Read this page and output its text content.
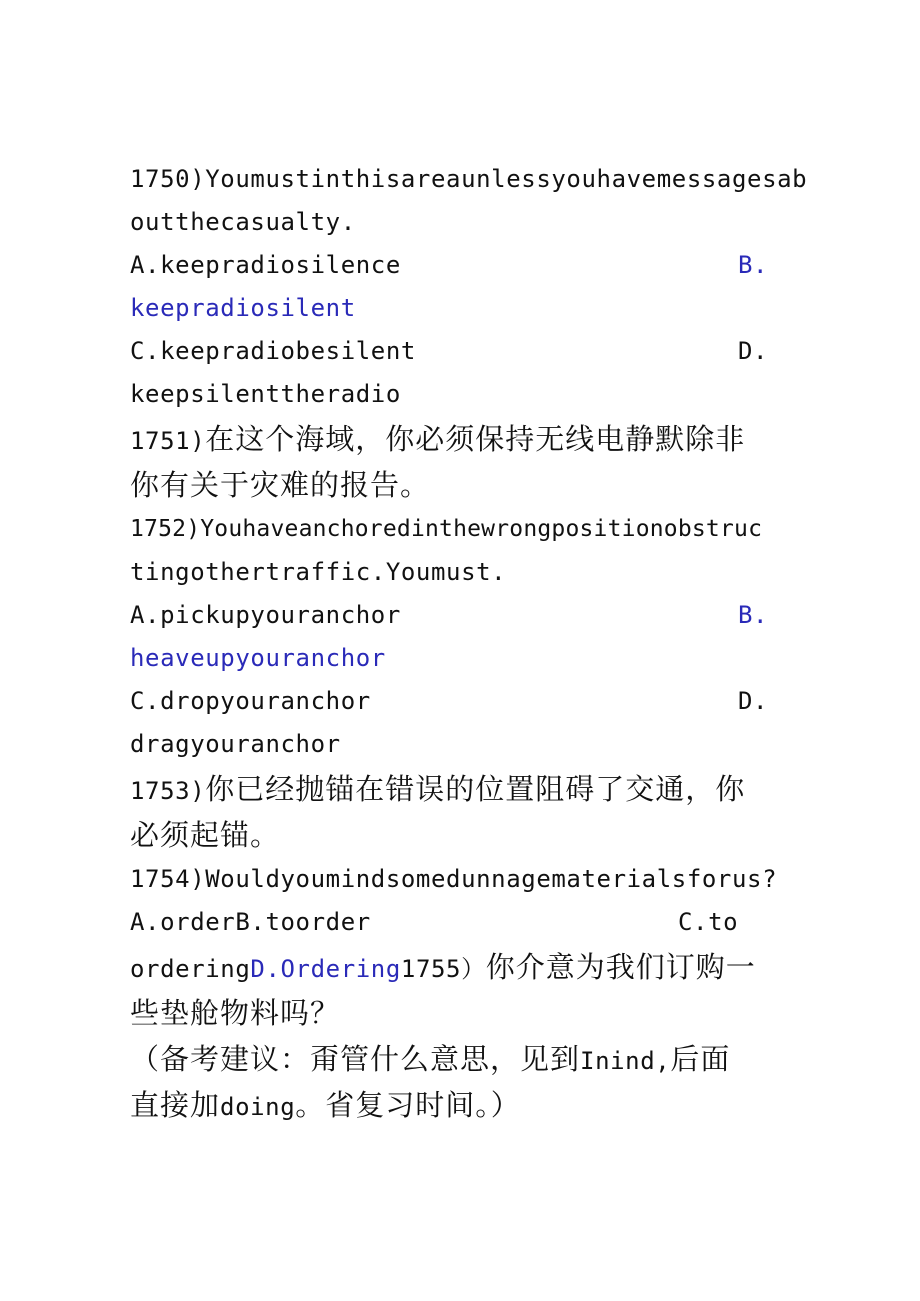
1750)Youmustinthisareaunlessyouhavemessagesab
outthecasualty.
A.keepradiosilence	B.
keepradiosilent
C.keepradiobesilent	D.
keepsilenttheradio
1751)在这个海域，你必须保持无线电静默除非
你有关于灾难的报告。
1752)Youhaveanchoredinthewrongpositionobstruc
tingothertraffic.Youmust.
A.pickupyouranchor	B.
heaveupyouranchor
C.dropyouranchor	D.
dragyouranchor
1753)你已经抛锚在错误的位置阻碍了交通，你
必须起锚。
1754)Wouldyoumindsomedunnagematerialsforus?
A.orderB.toorder	C.to
orderingD.Ordering1755）你介意为我们订购一
些垫舱物料吗？
（备考建议：甭管什么意思，见到Inind,后面
直接加doing。省复习时间。）
